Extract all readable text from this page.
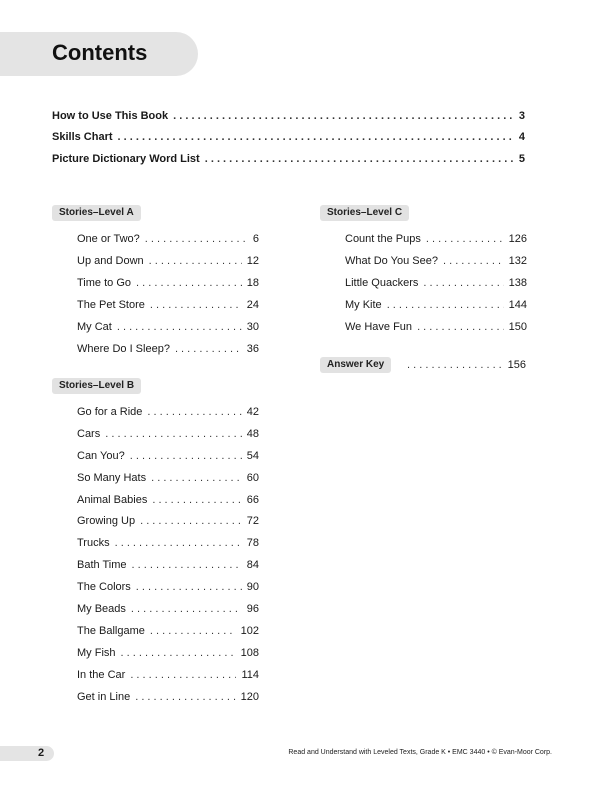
Contents
How to Use This Book . . .	3
Skills Chart . . .	4
Picture Dictionary Word List . . .	5
Stories–Level A
One or Two? . . .	6
Up and Down . . .	12
Time to Go . . .	18
The Pet Store . . .	24
My Cat . . .	30
Where Do I Sleep? . . .	36
Stories–Level B
Go for a Ride . . .	42
Cars . . .	48
Can You? . . .	54
So Many Hats . . .	60
Animal Babies . . .	66
Growing Up . . .	72
Trucks . . .	78
Bath Time . . .	84
The Colors . . .	90
My Beads . . .	96
The Ballgame . . .	102
My Fish . . .	108
In the Car . . .	114
Get in Line . . .	120
Stories–Level C
Count the Pups . . .	126
What Do You See? . . .	132
Little Quackers . . .	138
My Kite . . .	144
We Have Fun . . .	150
Answer Key . . .	156
2	Read and Understand with Leveled Texts, Grade K • EMC 3440 • © Evan-Moor Corp.
